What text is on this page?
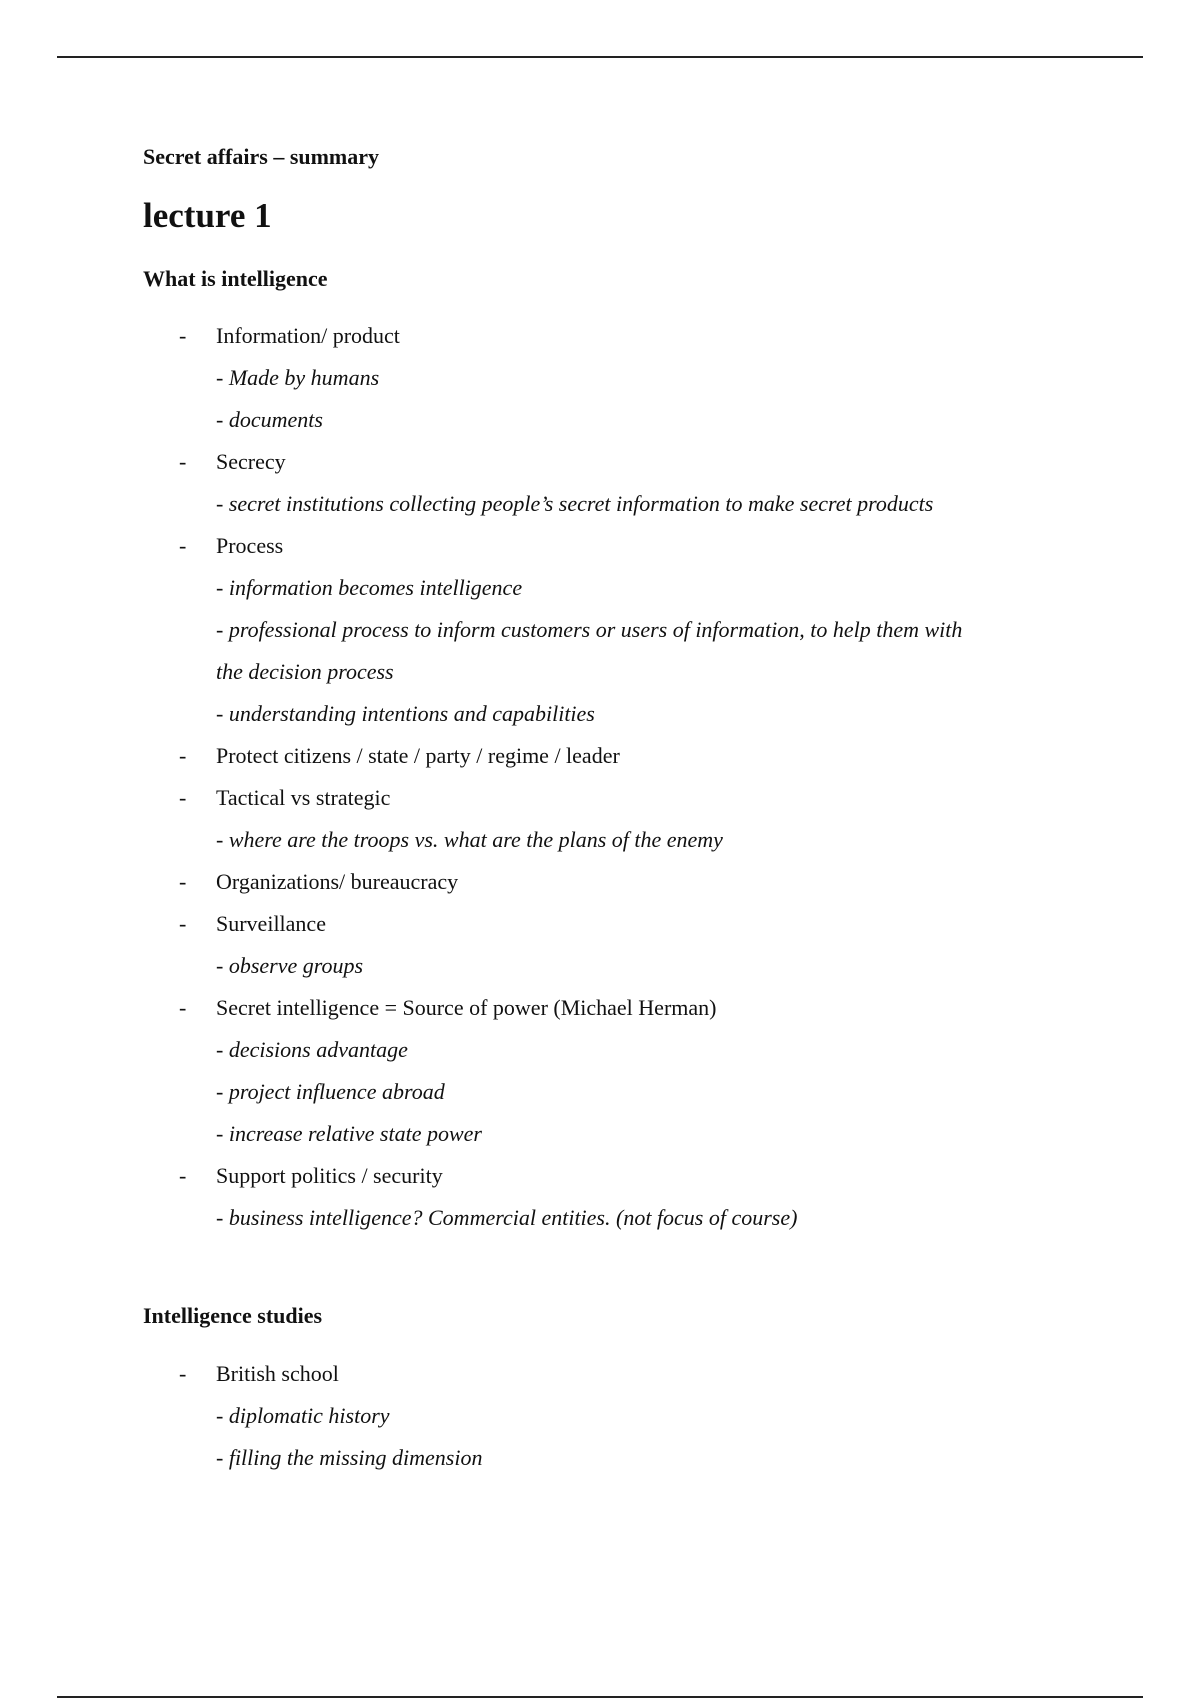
Secret affairs – summary
lecture 1
What is intelligence
- Information/ product
- Made by humans
- documents
- Secrecy
- secret institutions collecting people’s secret information to make secret products
- Process
- information becomes intelligence
- professional process to inform customers or users of information, to help them with
the decision process
- understanding intentions and capabilities
- Protect citizens / state / party / regime / leader
- Tactical vs strategic
- where are the troops vs. what are the plans of the enemy
- Organizations/ bureaucracy
- Surveillance
- observe groups
- Secret intelligence = Source of power (Michael Herman)
- decisions advantage
- project influence abroad
- increase relative state power
- Support politics / security
- business intelligence? Commercial entities. (not focus of course)
Intelligence studies
- British school
- diplomatic history
- filling the missing dimension
